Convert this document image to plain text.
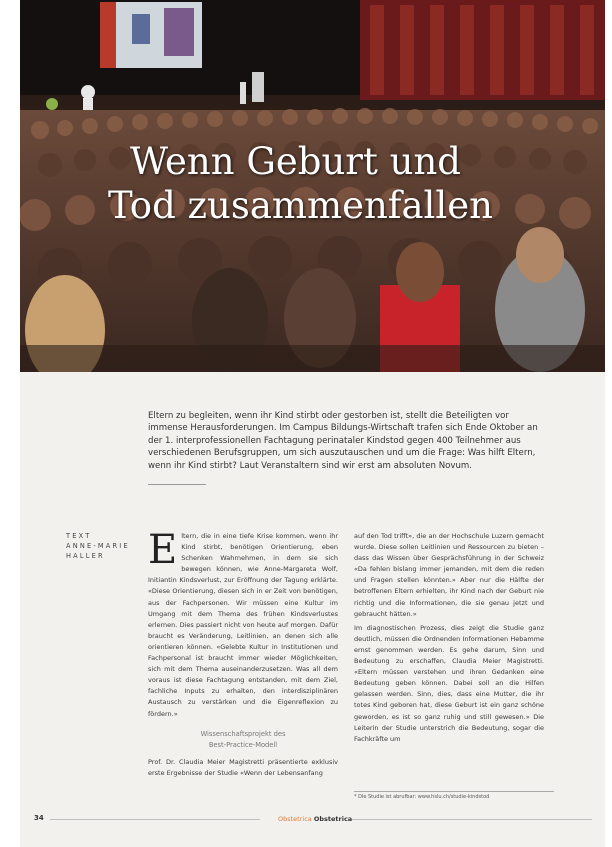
Wenn Geburt und
Tod zusammenfallen
Eltern zu begleiten, wenn ihr Kind stirbt oder gestorben ist, stellt die Beteiligten vor immense Herausforderungen. Im Campus Bildungs-Wirtschaft trafen sich Ende Oktober an der 1. interprofessionellen Fachtagung perinataler Kindstod gegen 400 Teilnehmer aus verschiedenen Berufsgruppen, um sich auszutauschen und um die Frage: Was hilft Eltern, wenn ihr Kind stirbt? Laut Veranstaltern sind wir erst am absoluten Novum.
TEXT
ANNE-MARIE
HALLER	E ltern, die in eine tiefe Krise kommen, wenn ihr Kind stirbt, benötigen Orientierung, eben Schenken Wahrnehmen, in dem sie sich bewegen können, wie Anne-Margareta Wolf, Initiantin Kindsverlust, zur Eröffnung der Tagung erklärte. «Diese Orientierung, diesen sich in er Zeit von benötigen, aus der Fachpersonen. Wir müssen eine Kultur im Umgang mit dem Thema des frühen Kindsverlustes erlernen. Dies passiert nicht von heute auf morgen. Dafür braucht es Veränderung, Leitlinien, an denen sich alle orientieren können. «Gelebte Kultur in Institutionen und Fachpersonal ist braucht immer wieder Möglichkeiten, sich mit dem Thema auseinanderzusetzen. Was all dem voraus ist diese Fachtagung entstanden, mit dem Ziel, fachliche Inputs zu erhalten, den interdisziplinären Austausch zu verstärken und die Eigenreflexion zu fördern.»
Wissenschaftsprojekt des
Best-Practice-Modell
Prof. Dr. Claudia Meier Magistretti präsentierte exklusiv erste Ergebnisse der Studie «Wenn der Lebensanfang
auf den Tod trifft», die an der Hochschule Luzern gemacht wurde. Diese sollen Leitlinien und Ressourcen zu bieten – dass das Wissen über Gesprächsführung in der Schweiz «Da fehlen bislang immer jemanden, mit dem die reden und Fragen stellen könnten.» Aber nur die Hälfte der betroffenen Eltern erhielten, ihr Kind nach der Geburt nie richtig und die Informationen, die sie genau jetzt und gebraucht hätten.»
Im diagnostischen Prozess, dies zeigt die Studie ganz deutlich, müssen die Ordnenden Informationen Hebamme ernst genommen werden. Es gehe darum, Sinn und Bedeutung zu erschaffen, Claudia Meier Magistretti. «Eltern müssen verstehen und ihren Gedanken eine Bedeutung geben können. Dabei soll an die Hilfen gelassen werden. Sinn, dies, dass eine Mutter, die ihr totes Kind geboren hat, diese Geburt ist ein ganz schöne geworden, es ist so ganz ruhig und still gewesen.» Die Leiterin der Studie unterstrich die Bedeutung, sogar die Fachkräfte um
* Die Studie ist abrufbar: www.hslu.ch/studie-kindstod
34	Obstetrica Obstetrica
